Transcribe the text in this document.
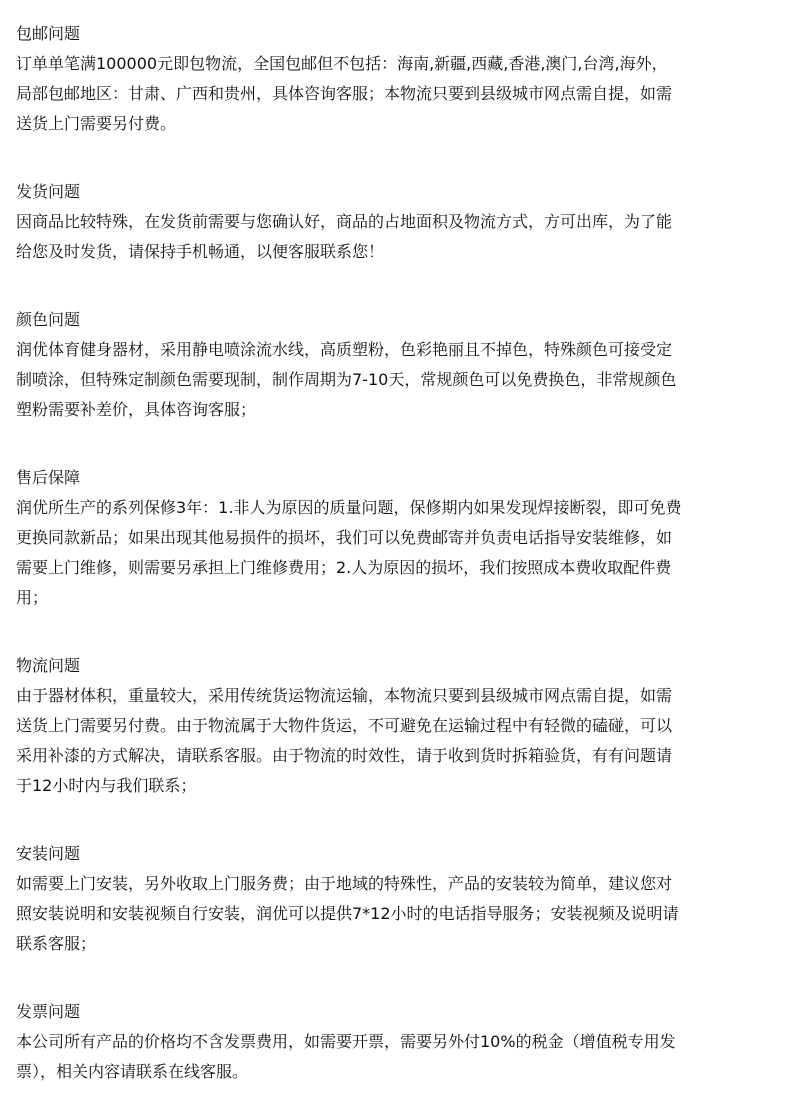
包邮问题
订单单笔满100000元即包物流，全国包邮但不包括：海南,新疆,西藏,香港,澳门,台湾,海外，
局部包邮地区：甘肃、广西和贵州，具体咨询客服；本物流只要到县级城市网点需自提，如需
送货上门需要另付费。
发货问题
因商品比较特殊，在发货前需要与您确认好，商品的占地面积及物流方式，方可出库，为了能
给您及时发货，请保持手机畅通，以便客服联系您！
颜色问题
润优体育健身器材，采用静电喷涂流水线，高质塑粉，色彩艳丽且不掉色，特殊颜色可接受定
制喷涂，但特殊定制颜色需要现制，制作周期为7-10天，常规颜色可以免费换色，非常规颜色
塑粉需要补差价，具体咨询客服；
售后保障
润优所生产的系列保修3年：1.非人为原因的质量问题，保修期内如果发现焊接断裂，即可免费
更换同款新品；如果出现其他易损件的损坏，我们可以免费邮寄并负责电话指导安装维修，如
需要上门维修，则需要另承担上门维修费用；2.人为原因的损坏，我们按照成本费收取配件费
用；
物流问题
由于器材体积，重量较大，采用传统货运物流运输，本物流只要到县级城市网点需自提，如需
送货上门需要另付费。由于物流属于大物件货运，不可避免在运输过程中有轻微的磕碰，可以
采用补漆的方式解决，请联系客服。由于物流的时效性，请于收到货时拆箱验货，有有问题请
于12小时内与我们联系；
安装问题
如需要上门安装，另外收取上门服务费；由于地域的特殊性，产品的安装较为简单，建议您对
照安装说明和安装视频自行安装，润优可以提供7*12小时的电话指导服务；安装视频及说明请
联系客服；
发票问题
本公司所有产品的价格均不含发票费用，如需要开票，需要另外付10%的税金（增值税专用发
票），相关内容请联系在线客服。
